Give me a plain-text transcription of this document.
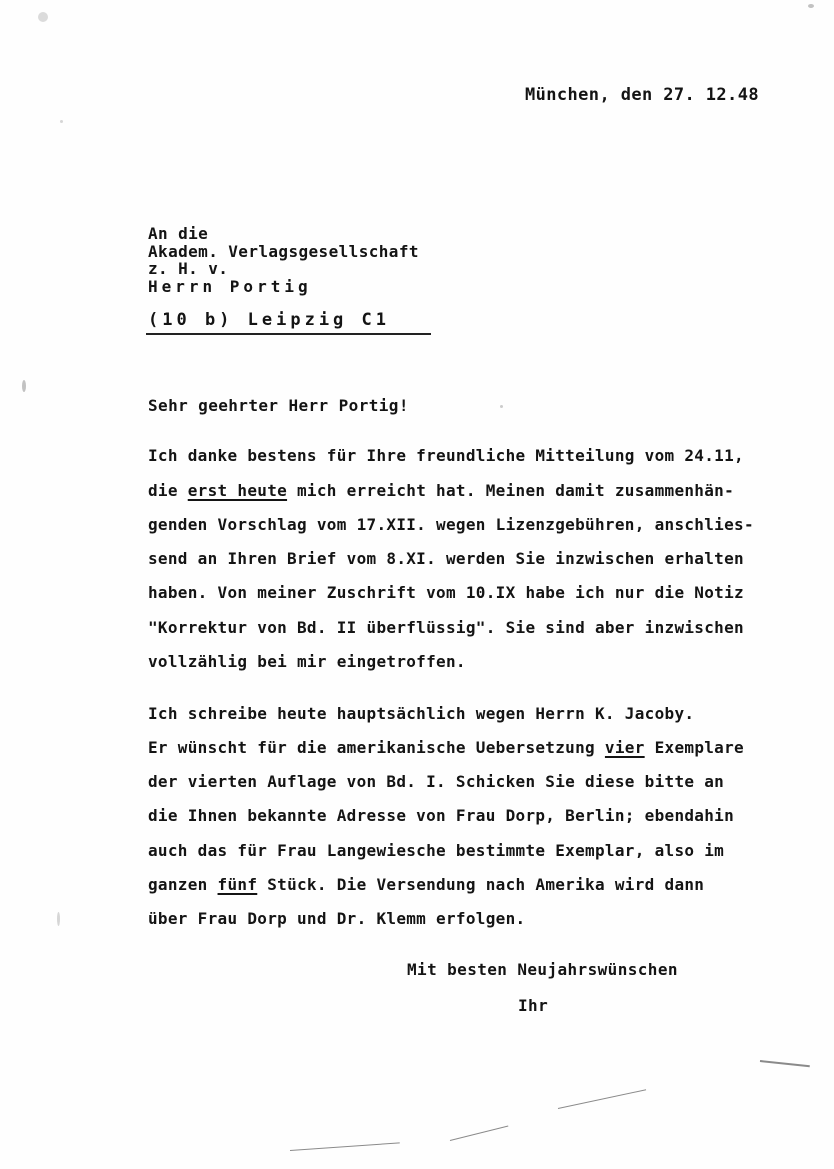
München, den 27. 12.48
An die
Akadem. Verlagsgesellschaft
z. H. v.
Herrn Portig
(10 b) Leipzig C1
Sehr geehrter Herr Portig!
Ich danke bestens für Ihre freundliche Mitteilung vom 24.11,
die erst heute mich erreicht hat. Meinen damit zusammenhän-
genden Vorschlag vom 17.XII. wegen Lizenzgebühren, anschlies-
send an Ihren Brief vom 8.XI. werden Sie inzwischen erhalten
haben. Von meiner Zuschrift vom 10.IX habe ich nur die Notiz
"Korrektur von Bd. II überflüssig". Sie sind aber inzwischen
vollzählig bei mir eingetroffen.
Ich schreibe heute hauptsächlich wegen Herrn K. Jacoby.
Er wünscht für die amerikanische Uebersetzung vier Exemplare
der vierten Auflage von Bd. I. Schicken Sie diese bitte an
die Ihnen bekannte Adresse von Frau Dorp, Berlin; ebendahin
auch das für Frau Langewiesche bestimmte Exemplar, also im
ganzen fünf Stück. Die Versendung nach Amerika wird dann
über Frau Dorp und Dr. Klemm erfolgen.
Mit besten Neujahrswünschen
Ihr
